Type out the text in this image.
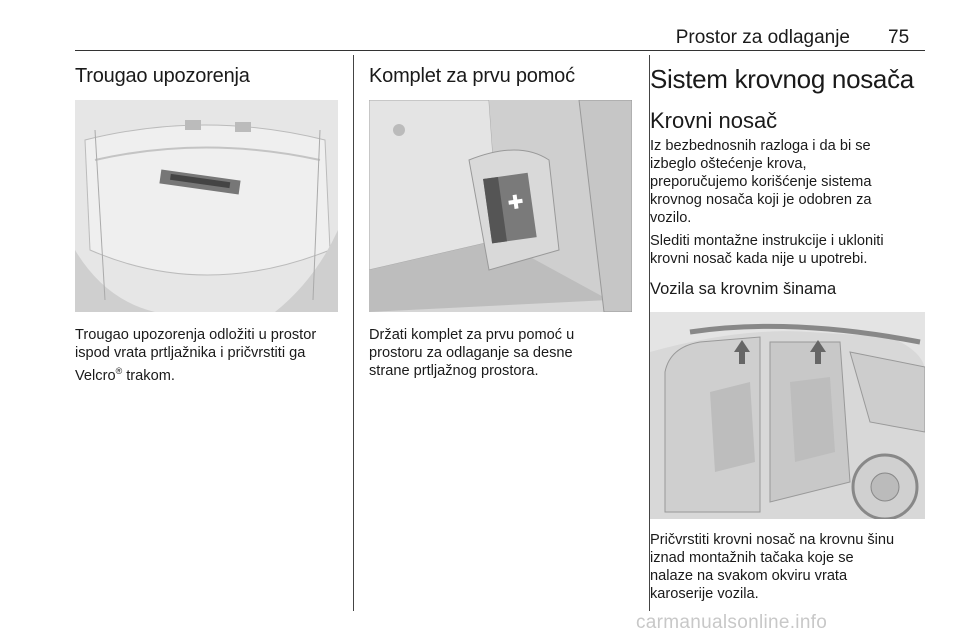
Prostor za odlaganje 75
Trougao upozorenja
Trougao upozorenja odložiti u prostor
ispod vrata prtljažnika i pričvrstiti ga
Velcro® trakom.
Komplet za prvu pomoć
Držati komplet za prvu pomoć u
prostoru za odlaganje sa desne
strane prtljažnog prostora.
Sistem krovnog nosača
Krovni nosač
Iz bezbednosnih razloga i da bi se
izbeglo oštećenje krova,
preporučujemo korišćenje sistema
krovnog nosača koji je odobren za
vozilo.
Slediti montažne instrukcije i ukloniti
krovni nosač kada nije u upotrebi.
Vozila sa krovnim šinama
Pričvrstiti krovni nosač na krovnu šinu
iznad montažnih tačaka koje se
nalaze na svakom okviru vrata
karoserije vozila.
carmanualsonline.info
